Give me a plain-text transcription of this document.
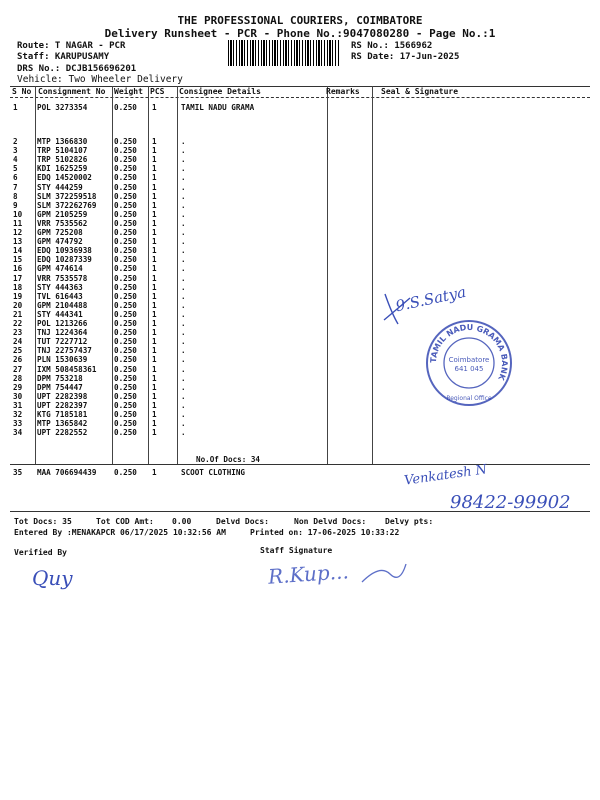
THE PROFESSIONAL COURIERS, COIMBATORE
Delivery Runsheet - PCR - Phone No.:9047080280 - Page No.:1
Route: T NAGAR - PCR
Staff: KARUPUSAMY
DRS No.: DCJB156696201
Vehicle: Two Wheeler Delivery
RS No.: 1566962
RS Date: 17-Jun-2025
S No Consignment No Weight PCS Consignee Details	Remarks	Seal & Signature
1	POL 3273354	0.250 1	TAMIL NADU GRAMA
2	MTP 1366830	0.250 1	.
3	TRP 5104107	0.250 1	.
4	TRP 5102826	0.250 1	.
5	KDI 1625259	0.250 1	.
6	EDQ 14520002	0.250 1	.
7	STY 444259	0.250 1	.
8	SLM 372259518 0.250 1	.
9	SLM 372262769 0.250 1	.
10 GPM 2105259	0.250 1	.
11 VRR 7535562	0.250 1	.
12 GPM 725208	0.250 1	.
13 GPM 474792	0.250 1	.
14 EDQ 10936938	0.250 1	.
15 EDQ 10287339	0.250 1	.
16 GPM 474614	0.250 1	.
17 VRR 7535578	0.250 1	.
18 STY 444363	0.250 1	.
19 TVL 616443	0.250 1	.
20 GPM 2104488	0.250 1	.
21 STY 444341	0.250 1	.
22 POL 1213266	0.250 1	.
23 TNJ 1224364	0.250 1	.
24 TUT 7227712	0.250 1	.
25 TNJ 22757437	0.250 1	.
26 PLN 1530639	0.250 1	.
27 IXM 508458361 0.250 1	.
28 DPM 753218	0.250 1	.
29 DPM 754447	0.250 1	.
30 UPT 2282398	0.250 1	.
31 UPT 2282397	0.250 1	.
32 KTG 7185181	0.250 1	.
33 MTP 1365842	0.250 1	.
34 UPT 2282552	0.250 1	.
No.Of Docs: 34
35 MAA 706694439 0.250 1	SCOOT CLOTHING
Tot Docs: 35	Tot COD Amt: 0.00	Delvd Docs:	Non Delvd Docs: Delvy pts:
Entered By :MENAKAPCR 06/17/2025 10:32:56 AM	Printed on: 17-06-2025 10:33:22
Verified By	Staff Signature
Venkatesh N
98422-99902
9.S.Satya
TAMIL NADU GRAMA BANK
Coimbatore
641 045
Regional Office
Quy	R.Kup...
